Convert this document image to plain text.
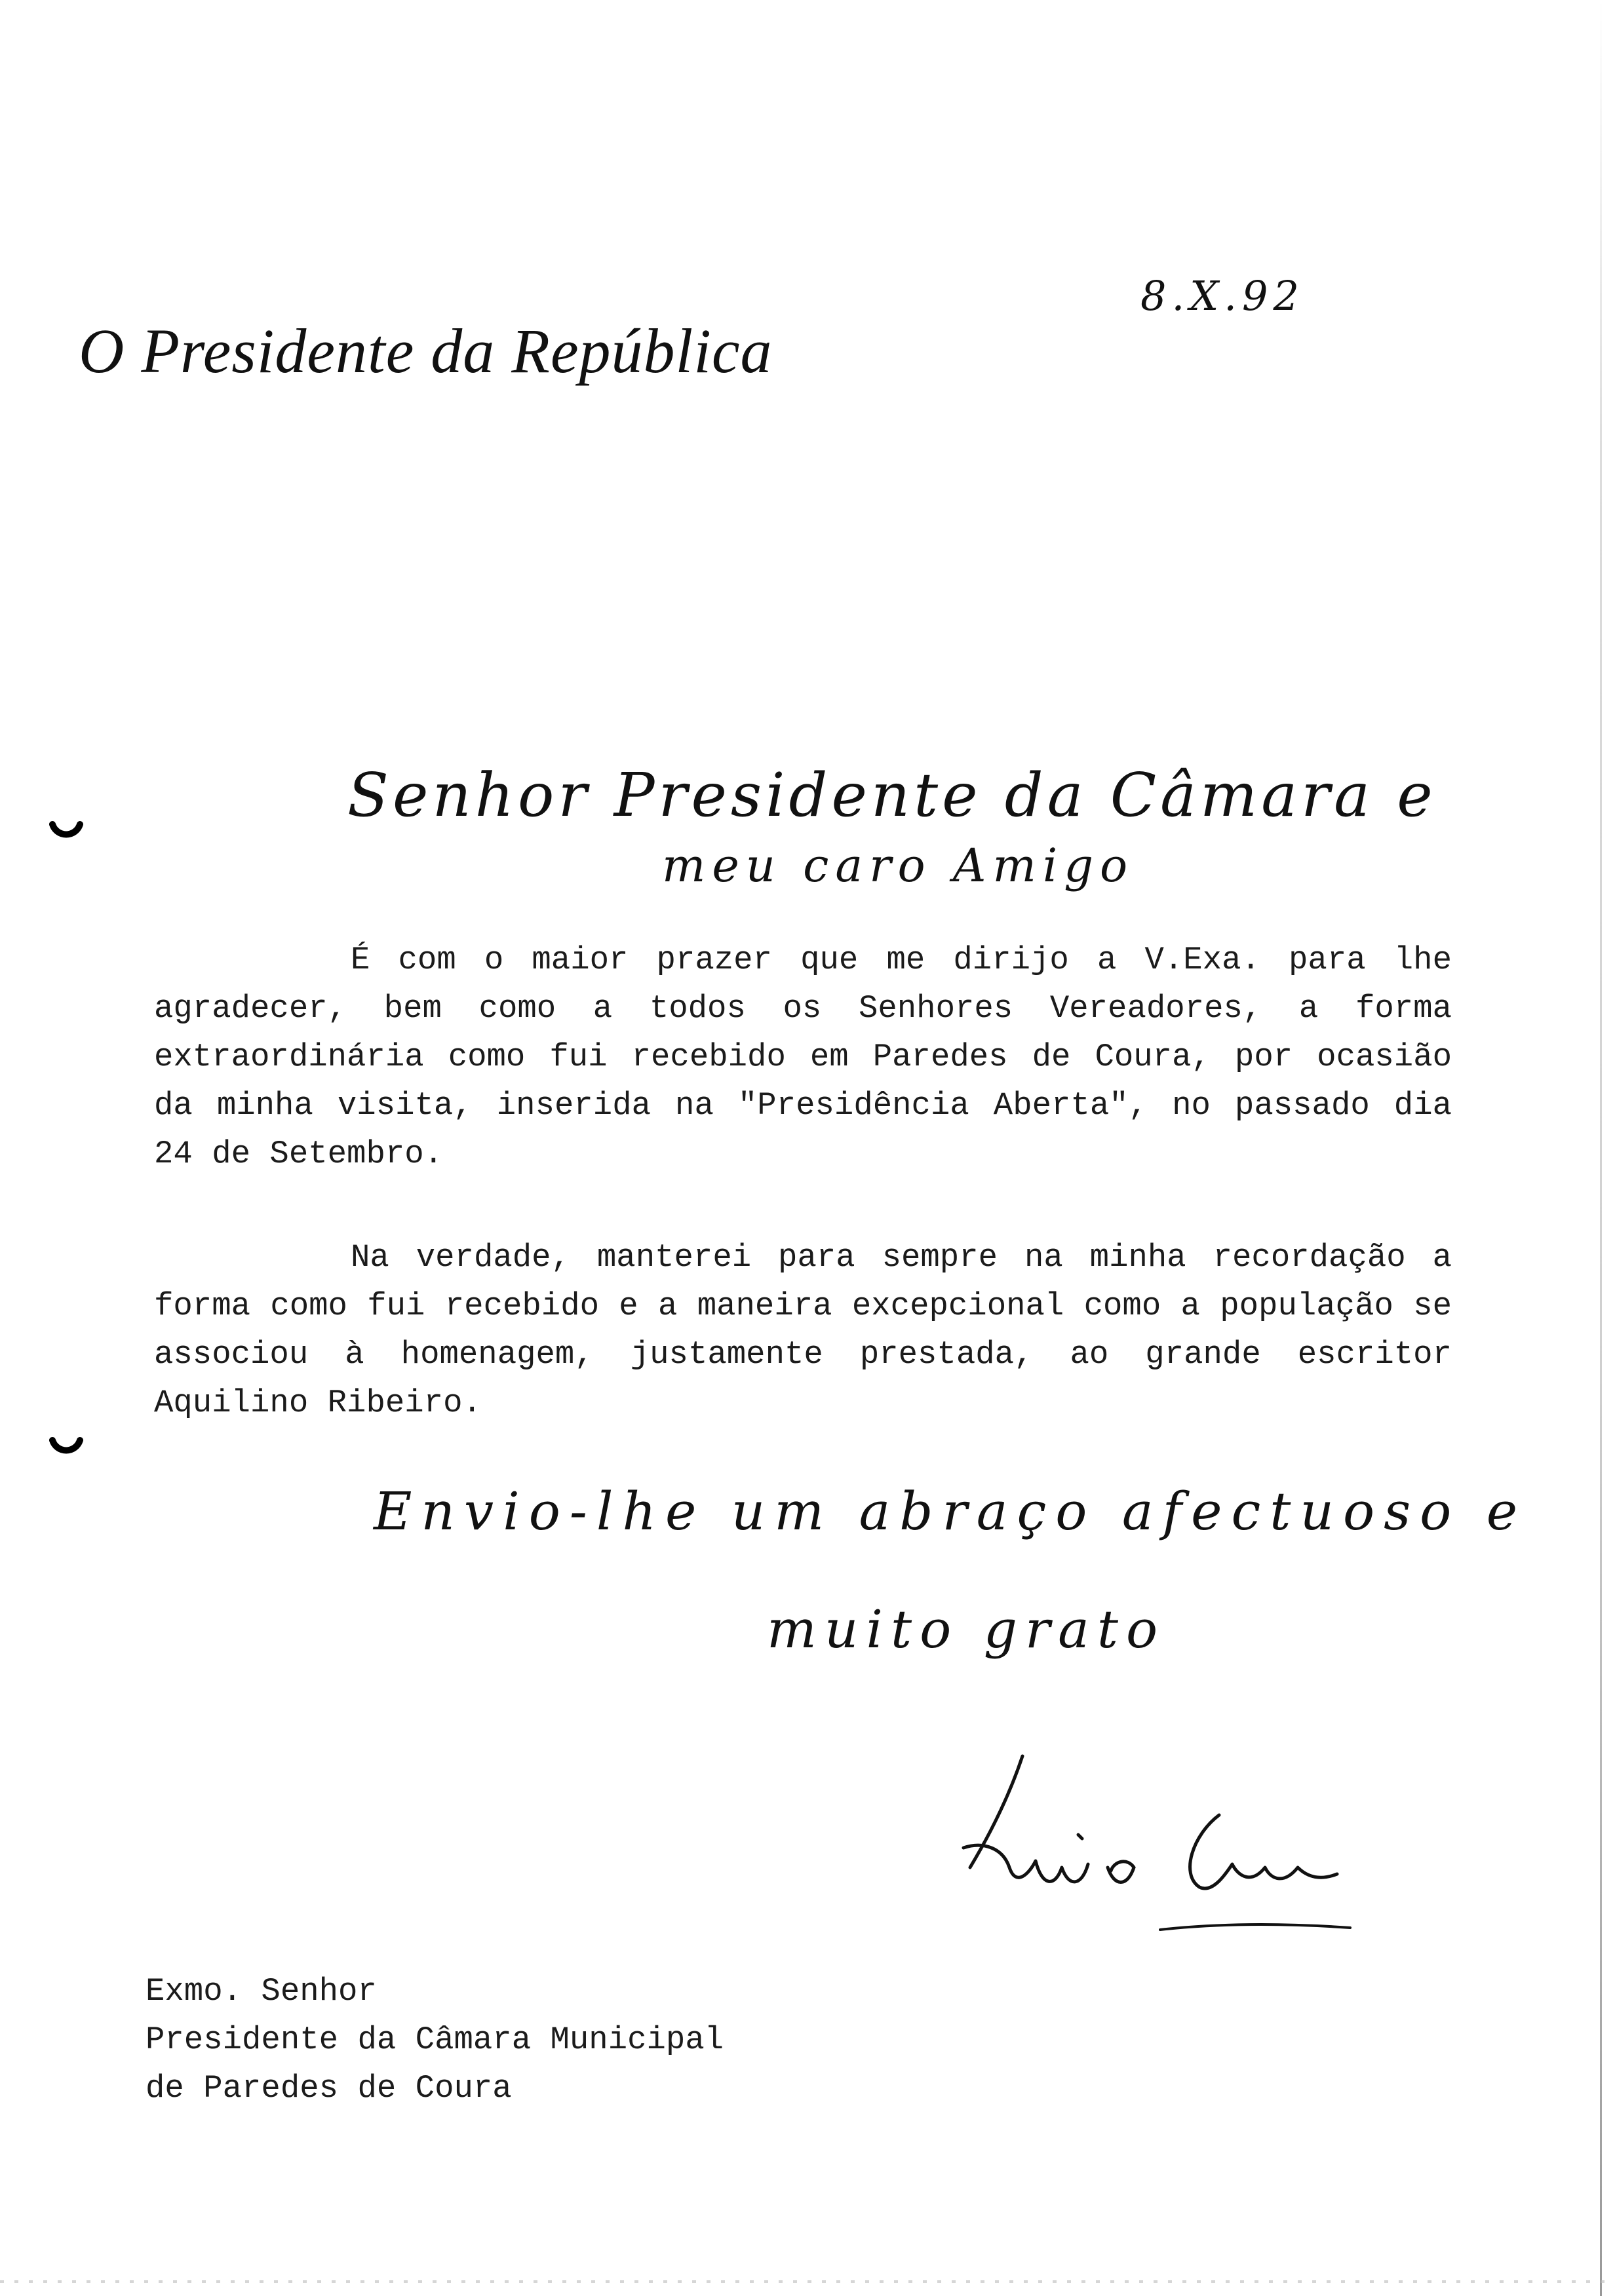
8.X.92
O Presidente da República
Senhor Presidente da Câmara e
meu caro Amigo

É com o maior prazer que me dirijo a V.Exa. para lhe agradecer, bem como a todos os Senhores Vereadores, a forma extraordinária como fui recebido em Paredes de Coura, por ocasião da minha visita, inserida na "Presidência Aberta", no passado dia 24 de Setembro.

Na verdade, manterei para sempre na minha recordação a forma como fui recebido e a maneira excepcional como a população se associou à homenagem, justamente prestada, ao grande escritor Aquilino Ribeiro.

Envio-lhe um abraço afectuoso e
muito grato
Mário Soares
Exmo. Senhor
Presidente da Câmara Municipal
de Paredes de Coura
